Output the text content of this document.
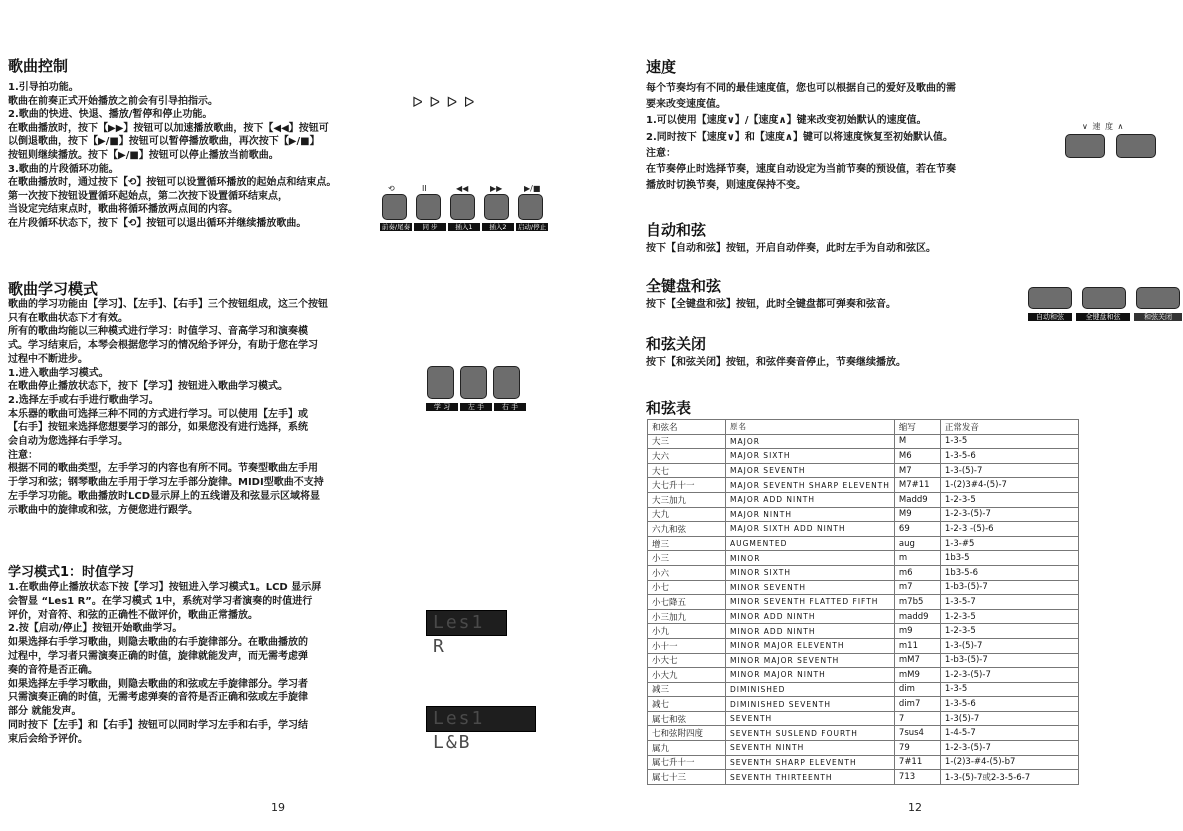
歌曲控制
1.引导拍功能。
歌曲在前奏正式开始播放之前会有引导拍指示。
2.歌曲的快进、快退、播放/暂停和停止功能。
在歌曲播放时，按下【▶▶】按钮可以加速播放歌曲，按下【◀◀】按钮可
以倒退歌曲，按下【▶/■】按钮可以暂停播放歌曲，再次按下【▶/■】
按钮则继续播放。按下【▶/■】按钮可以停止播放当前歌曲。
3.歌曲的片段循环功能。
在歌曲播放时，通过按下【⟲】按钮可以设置循环播放的起始点和结束点。
第一次按下按钮设置循环起始点，第二次按下设置循环结束点，
当设定完结束点时，歌曲将循环播放两点间的内容。
在片段循环状态下，按下【⟲】按钮可以退出循环并继续播放歌曲。
ᐅ ᐅ ᐅ ᐅ
⟲	II	◀◀	▶▶	▶/■
前奏/尾奏	同 步	插入1	插入2	启动/停止
歌曲学习模式
歌曲的学习功能由【学习】、【左手】、【右手】三个按钮组成，这三个按钮
只有在歌曲状态下才有效。
所有的歌曲均能以三种模式进行学习：时值学习、音高学习和演奏模
式。学习结束后，本琴会根据您学习的情况给予评分，有助于您在学习
过程中不断进步。
1.进入歌曲学习模式。
在歌曲停止播放状态下，按下【学习】按钮进入歌曲学习模式。
2.选择左手或右手进行歌曲学习。
本乐器的歌曲可选择三种不同的方式进行学习。可以使用【左手】或
【右手】按钮来选择您想要学习的部分，如果您没有进行选择，系统
会自动为您选择右手学习。
注意：
根据不同的歌曲类型，左手学习的内容也有所不同。节奏型歌曲左手用
于学习和弦；钢琴歌曲左手用于学习左手部分旋律。MIDI型歌曲不支持
左手学习功能。歌曲播放时LCD显示屏上的五线谱及和弦显示区域将显
示歌曲中的旋律或和弦，方便您进行跟学。
学 习	左 手	右 手
学习模式1：时值学习
1.在歌曲停止播放状态下按【学习】按钮进入学习模式1。LCD 显示屏
会智显 “Les1 R”。在学习模式 1中，系统对学习者演奏的时值进行
评价，对音符、和弦的正确性不做评价，歌曲正常播放。
2.按【启动/停止】按钮开始歌曲学习。
如果选择右手学习歌曲，则隐去歌曲的右手旋律部分。在歌曲播放的
过程中，学习者只需演奏正确的时值，旋律就能发声，而无需考虑弹
奏的音符是否正确。
如果选择左手学习歌曲，则隐去歌曲的和弦或左手旋律部分。学习者
只需演奏正确的时值，无需考虑弹奏的音符是否正确和弦或左手旋律
部分 就能发声。
同时按下【左手】和【右手】按钮可以同时学习左手和右手，学习结
束后会给予评价。
Les1 R
Les1 L&B
19
速度
每个节奏均有不同的最佳速度值，您也可以根据自己的爱好及歌曲的需
要来改变速度值。
1.可以使用【速度∨】/【速度∧】键来改变初始默认的速度值。
2.同时按下【速度∨】和【速度∧】键可以将速度恢复至初始默认值。
注意：
在节奏停止时选择节奏，速度自动设定为当前节奏的预设值，若在节奏
播放时切换节奏，则速度保持不变。
∨ 速 度 ∧
自动和弦
按下【自动和弦】按钮，开启自动伴奏，此时左手为自动和弦区。
全键盘和弦
按下【全键盘和弦】按钮，此时全键盘都可弹奏和弦音。
自动和弦	全键盘和弦	和弦关闭
和弦关闭
按下【和弦关闭】按钮，和弦伴奏音停止，节奏继续播放。
和弦表
和弦名	原名	缩写	正常发音
大三	MAJOR	M	1-3-5
大六	MAJOR SIXTH	M6	1-3-5-6
大七	MAJOR SEVENTH	M7	1-3-(5)-7
大七升十一	MAJOR SEVENTH SHARP ELEVENTH	M7#11	1-(2)3#4-(5)-7
大三加九	MAJOR ADD NINTH	Madd9	1-2-3-5
大九	MAJOR NINTH	M9	1-2-3-(5)-7
六九和弦	MAJOR SIXTH ADD NINTH	69	1-2-3 -(5)-6
增三	AUGMENTED	aug	1-3-#5
小三	MINOR	m	1b3-5
小六	MINOR SIXTH	m6	1b3-5-6
小七	MINOR SEVENTH	m7	1-b3-(5)-7
小七降五	MINOR SEVENTH FLATTED FIFTH	m7b5	1-3-5-7
小三加九	MINOR ADD NINTH	madd9	1-2-3-5
小九	MINOR ADD NINTH	m9	1-2-3-5
小十一	MINOR MAJOR ELEVENTH	m11	1-3-(5)-7
小大七	MINOR MAJOR SEVENTH	mM7	1-b3-(5)-7
小大九	MINOR MAJOR NINTH	mM9	1-2-3-(5)-7
减三	DIMINISHED	dim	1-3-5
减七	DIMINISHED SEVENTH	dim7	1-3-5-6
属七和弦	SEVENTH	7	1-3(5)-7
七和弦附四度	SEVENTH SUSLEND FOURTH	7sus4	1-4-5-7
属九	SEVENTH NINTH	79	1-2-3-(5)-7
属七升十一	SEVENTH SHARP ELEVENTH	7#11	1-(2)3-#4-(5)-b7
属七十三	SEVENTH THIRTEENTH	713	1-3-(5)-7或2-3-5-6-7
12
